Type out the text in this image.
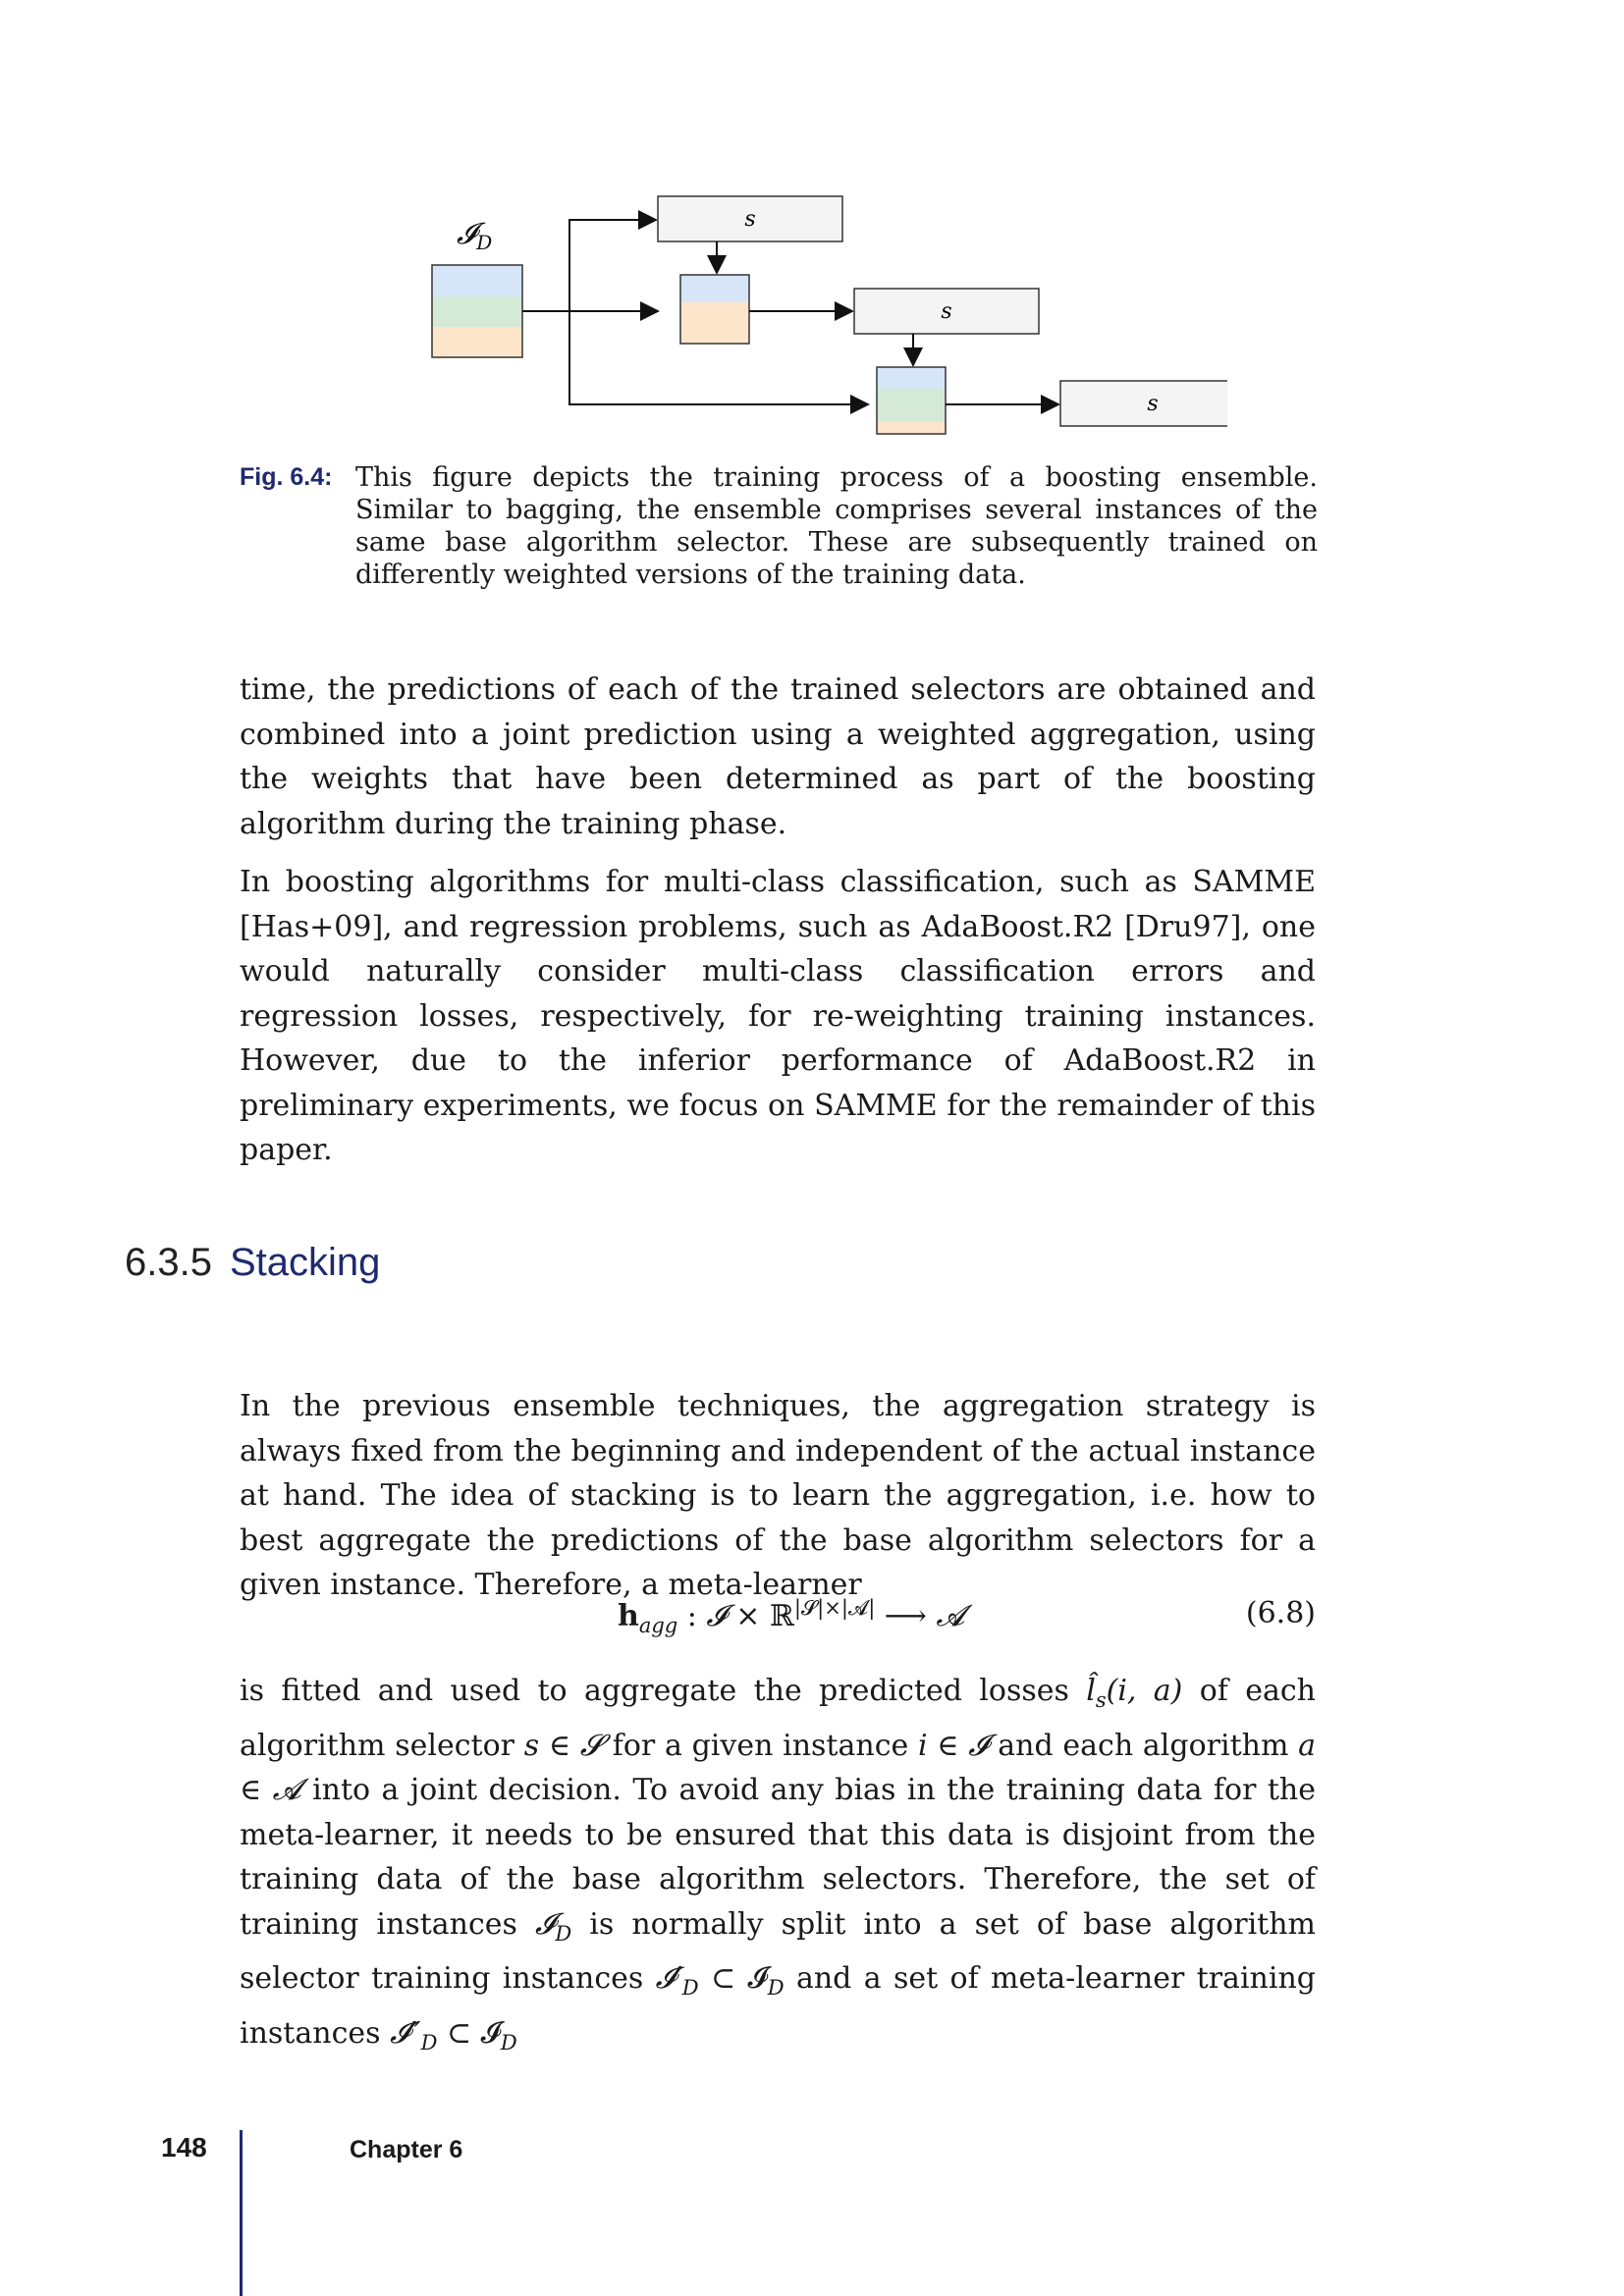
𝓘$_D$
s
s
s
Fig. 6.4: This figure depicts the training process of a boosting ensemble. Similar to bagging, the ensemble comprises several instances of the same base algorithm selector. These are subsequently trained on differently weighted versions of the training data.
time, the predictions of each of the trained selectors are obtained and combined into a joint prediction using a weighted aggregation, using the weights that have been determined as part of the boosting algorithm during the training phase.
In boosting algorithms for multi-class classification, such as SAMME [Has+09], and regression problems, such as AdaBoost.R2 [Dru97], one would naturally consider multi-class classification errors and regression losses, respectively, for re-weighting training instances. However, due to the inferior performance of AdaBoost.R2 in preliminary experiments, we focus on SAMME for the remainder of this paper.
6.3.5 Stacking
In the previous ensemble techniques, the aggregation strategy is always fixed from the beginning and independent of the actual instance at hand. The idea of stacking is to learn the aggregation, i.e. how to best aggregate the predictions of the base algorithm selectors for a given instance. Therefore, a meta-learner
$h_{agg}$ : 𝓘 × ℝ$^{|𝓢|\times|𝓐|}$ ⟶ 𝓐	(6.8)
is fitted and used to aggregate the predicted losses $l̂_s(i$, a) of each algorithm selector s ∈ 𝓢 for a given instance i ∈ 𝓘 and each algorithm a ∈ 𝓐 into a joint decision. To avoid any bias in the training data for the meta-learner, it needs to be ensured that this data is disjoint from the training data of the base algorithm selectors. Therefore, the set of training instances 𝓘$_D$ is normally split into a set of base algorithm selector training instances $𝓘'_D$ ⊂ 𝓘$_D$ and a set of meta-learner training instances $𝓘''_D$ ⊂ 𝓘$_D$
148	Chapter 6
